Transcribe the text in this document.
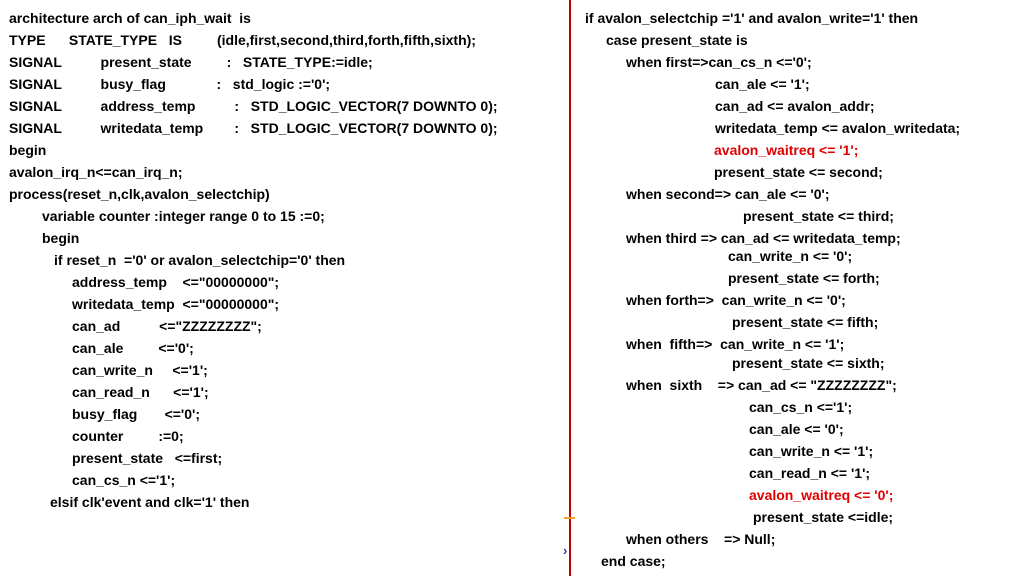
architecture arch of can_iph_wait  is
TYPE      STATE_TYPE   IS         (idle,first,second,third,forth,fifth,sixth);
SIGNAL          present_state         :   STATE_TYPE:=idle;
SIGNAL          busy_flag             :   std_logic :='0';
SIGNAL          address_temp          :   STD_LOGIC_VECTOR(7 DOWNTO 0);
SIGNAL          writedata_temp        :   STD_LOGIC_VECTOR(7 DOWNTO 0);
begin
avalon_irq_n<=can_irq_n;
process(reset_n,clk,avalon_selectchip)
variable counter :integer range 0 to 15 :=0;
begin
if reset_n  ='0' or avalon_selectchip='0' then
address_temp    <="00000000";
writedata_temp  <="00000000";
can_ad          <="ZZZZZZZZ";
can_ale         <='0';
can_write_n     <='1';
can_read_n      <='1';
busy_flag       <='0';
counter         :=0;
present_state   <=first;
can_cs_n <='1';
elsif clk'event and clk='1' then
›
if avalon_selectchip ='1' and avalon_write='1' then
case present_state is
when first=>can_cs_n <='0';
can_ale <= '1';
can_ad <= avalon_addr;
writedata_temp <= avalon_writedata;
avalon_waitreq <= '1';
present_state <= second;
when second=> can_ale <= '0';
present_state <= third;
when third => can_ad <= writedata_temp;
can_write_n <= '0';
present_state <= forth;
when forth=>  can_write_n <= '0';
present_state <= fifth;
when  fifth=>  can_write_n <= '1';
present_state <= sixth;
when  sixth    => can_ad <= "ZZZZZZZZ";
can_cs_n <='1';
can_ale <= '0';
can_write_n <= '1';
can_read_n <= '1';
avalon_waitreq <= '0';
present_state <=idle;
when others    => Null;
end case;
